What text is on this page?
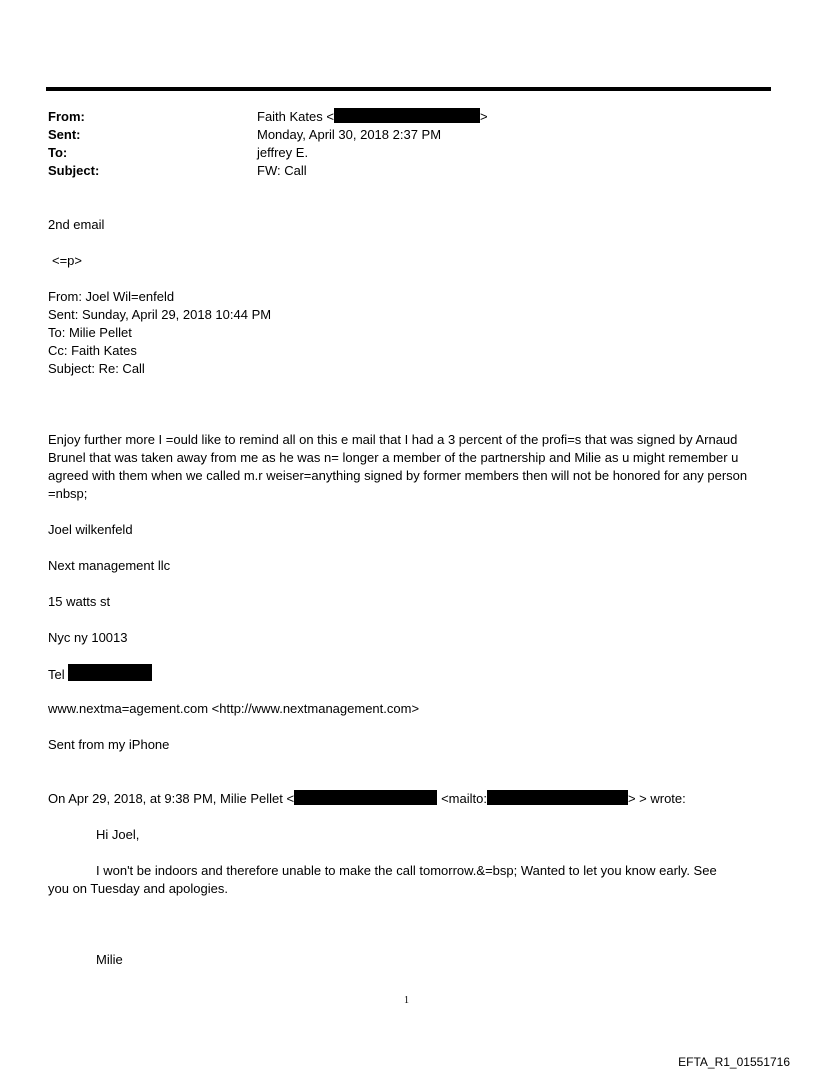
From:	Faith Kates <	>
Sent:	Monday, April 30, 2018 2:37 PM
To:	jeffrey E.
Subject:	FW: Call
2nd email
<=p>
From: Joel Wil=enfeld
Sent: Sunday, April 29, 2018 10:44 PM
To: Milie Pellet
Cc: Faith Kates
Subject: Re: Call
Enjoy further more I =ould like to remind all on this e mail that I had a 3 percent of the profi=s that was signed by Arnaud Brunel that was taken away from me as he was n= longer a member of the partnership and Milie as u might remember u agreed with them when we called m.r weiser=anything signed by former members then will not be honored for any person =nbsp;
Joel wilkenfeld
Next management llc
15 watts st
Nyc ny 10013
Tel
www.nextma=agement.com <http://www.nextmanagement.com>
Sent from my iPhone
On Apr 29, 2018, at 9:38 PM, Milie Pellet <	<mailto:	> > wrote:
Hi Joel,
I won't be indoors and therefore unable to make the call tomorrow.&=bsp; Wanted to let you know early. See
you on Tuesday and apologies.
Milie
1
EFTA_R1_01551716
